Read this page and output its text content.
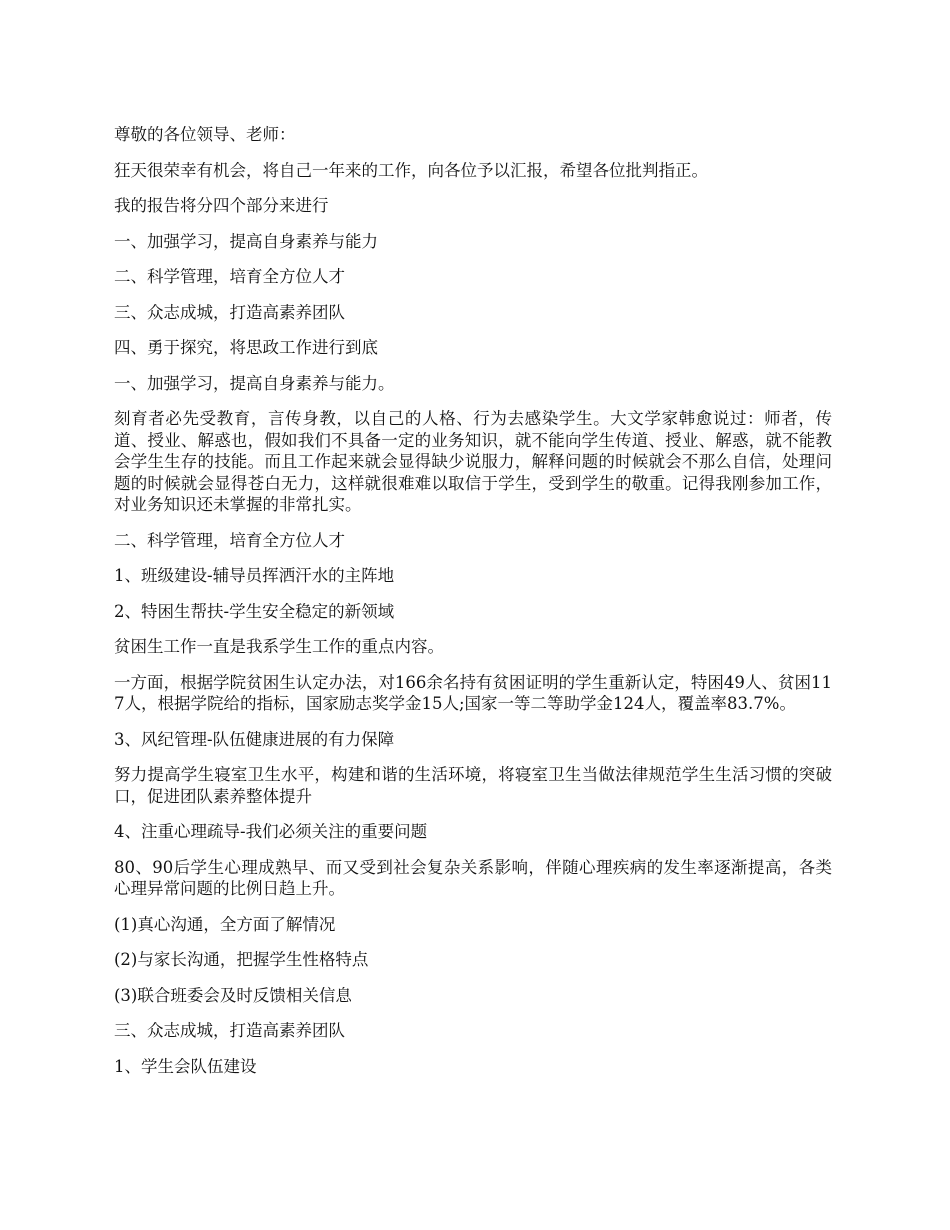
尊敬的各位领导、老师：

狂天很荣幸有机会，将自己一年来的工作，向各位予以汇报，希望各位批判指正。

我的报告将分四个部分来进行

一、加强学习，提高自身素养与能力

二、科学管理，培育全方位人才

三、众志成城，打造高素养团队

四、勇于探究，将思政工作进行到底

一、加强学习，提高自身素养与能力。

刻育者必先受教育，言传身教，以自己的人格、行为去感染学生。大文学家韩愈说过：师者，传道、授业、解惑也，假如我们不具备一定的业务知识，就不能向学生传道、授业、解惑，就不能教会学生生存的技能。而且工作起来就会显得缺少说服力，解释问题的时候就会不那么自信，处理问题的时候就会显得苍白无力，这样就很难难以取信于学生，受到学生的敬重。记得我刚参加工作，对业务知识还未掌握的非常扎实。

二、科学管理，培育全方位人才

1、班级建设-辅导员挥洒汗水的主阵地

2、特困生帮扶-学生安全稳定的新领域

贫困生工作一直是我系学生工作的重点内容。

一方面，根据学院贫困生认定办法，对166余名持有贫困证明的学生重新认定，特困49人、贫困117人，根据学院给的指标，国家励志奖学金15人;国家一等二等助学金124人，覆盖率83.7%。

3、风纪管理-队伍健康进展的有力保障

努力提高学生寝室卫生水平，构建和谐的生活环境，将寝室卫生当做法律规范学生生活习惯的突破口，促进团队素养整体提升

4、注重心理疏导-我们必须关注的重要问题

80、90后学生心理成熟早、而又受到社会复杂关系影响，伴随心理疾病的发生率逐渐提高，各类心理异常问题的比例日趋上升。

(1)真心沟通，全方面了解情况

(2)与家长沟通，把握学生性格特点

(3)联合班委会及时反馈相关信息

三、众志成城，打造高素养团队

1、学生会队伍建设
